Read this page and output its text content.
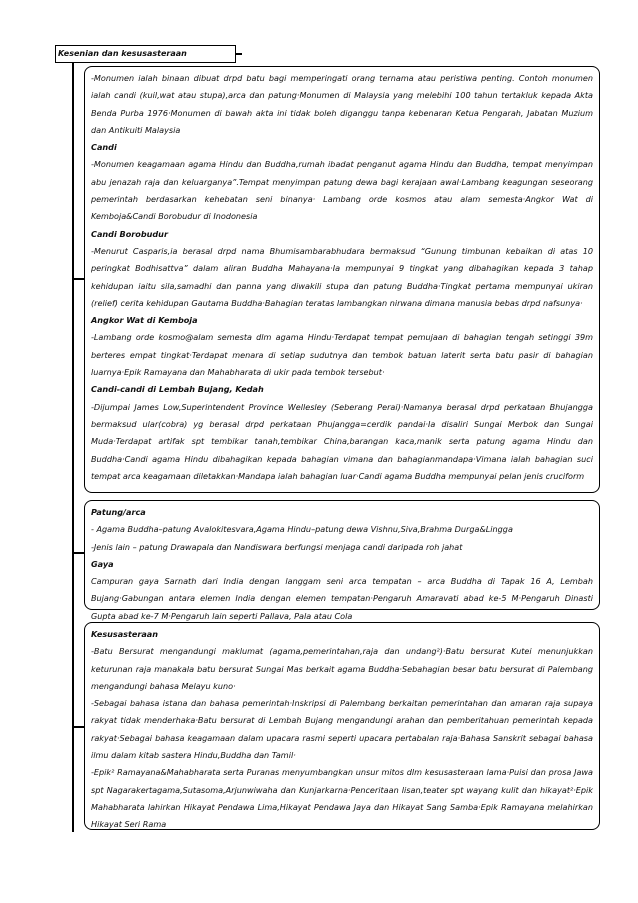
Kesenian dan kesusasteraan

-Monumen ialah binaan dibuat drpd batu bagi memperingati orang ternama atau peristiwa penting. Contoh monumen ialah candi (kuil,wat atau stupa),arca dan patung·Monumen di Malaysia yang melebihi 100 tahun tertakluk kepada Akta Benda Purba 1976·Monumen di bawah akta ini tidak boleh diganggu tanpa kebenaran Ketua Pengarah, Jabatan Muzium dan Antikuiti Malaysia

Candi

-Monumen keagamaan agama Hindu dan Buddha,rumah ibadat penganut agama Hindu dan Buddha, tempat menyimpan abu jenazah raja dan keluarganya”.Tempat menyimpan patung dewa bagi kerajaan awal·Lambang keagungan seseorang pemerintah berdasarkan kehebatan seni binanya· Lambang orde kosmos atau alam semesta·Angkor Wat di Kemboja&Candi Borobudur di Inodonesia

Candi Borobudur

-Menurut Casparis,ia berasal drpd nama Bhumisambarabhudara bermaksud “Gunung timbunan kebaikan di atas 10 peringkat Bodhisattva” dalam aliran Buddha Mahayana·Ia mempunyai 9 tingkat yang dibahagikan kepada 3 tahap kehidupan iaitu sila,samadhi dan panna yang diwakili stupa dan patung Buddha·Tingkat pertama mempunyai ukiran (relief) cerita kehidupan Gautama Buddha·Bahagian teratas lambangkan nirwana dimana manusia bebas drpd nafsunya·

Angkor Wat di Kemboja

-Lambang orde kosmo@alam semesta dlm agama Hindu·Terdapat tempat pemujaan di bahagian tengah setinggi 39m berteres empat tingkat·Terdapat menara di setiap sudutnya dan tembok batuan laterit serta batu pasir di bahagian luarnya·Epik Ramayana dan Mahabharata di ukir pada tembok tersebut·

Candi-candi di Lembah Bujang, Kedah

-Dijumpai James Low,Superintendent Province Wellesley (Seberang Perai)·Namanya berasal drpd perkataan Bhujangga bermaksud ular(cobra) yg berasal drpd perkataan Phujangga=cerdik pandai·Ia disaliri Sungai Merbok dan Sungai Muda·Terdapat artifak spt tembikar tanah,tembikar China,barangan kaca,manik serta patung agama Hindu dan Buddha·Candi agama Hindu dibahagikan kepada bahagian vimana dan bahagianmandapa·Vimana ialah bahagian suci tempat arca keagamaan diletakkan·Mandapa ialah bahagian luar·Candi agama Buddha mempunyai pelan jenis cruciform

Patung/arca

- Agama Buddha–patung Avalokitesvara,Agama Hindu–patung dewa Vishnu,Siva,Brahma Durga&Lingga

-Jenis lain – patung Drawapala dan Nandiswara berfungsi menjaga candi daripada roh jahat

Gaya

Campuran gaya Sarnath dari India dengan langgam seni arca tempatan – arca Buddha di Tapak 16 A, Lembah Bujang·Gabungan antara elemen India dengan elemen tempatan·Pengaruh Amaravati abad ke-5 M·Pengaruh Dinasti Gupta abad ke-7 M·Pengaruh lain seperti Pallava, Pala atau Cola

Kesusasteraan

-Batu Bersurat mengandungi maklumat (agama,pemerintahan,raja dan undang²)·Batu bersurat Kutei menunjukkan keturunan raja manakala batu bersurat Sungai Mas berkait agama Buddha·Sebahagian besar batu bersurat di Palembang mengandungi bahasa Melayu kuno·

-Sebagai bahasa istana dan bahasa pemerintah·Inskripsi di Palembang berkaitan pemerintahan dan amaran raja supaya rakyat tidak menderhaka·Batu bersurat di Lembah Bujang mengandungi arahan dan pemberitahuan pemerintah kepada rakyat·Sebagai bahasa keagamaan dalam upacara rasmi seperti upacara pertabalan raja·Bahasa Sanskrit sebagai bahasa ilmu dalam kitab sastera Hindu,Buddha dan Tamil·

-Epik² Ramayana&Mahabharata serta Puranas menyumbangkan unsur mitos dlm kesusasteraan lama·Puisi dan prosa Jawa spt Nagarakertagama,Sutasoma,Arjunwiwaha dan Kunjarkarna·Penceritaan lisan,teater spt wayang kulit dan hikayat²·Epik Mahabharata lahirkan Hikayat Pendawa Lima,Hikayat Pendawa Jaya dan Hikayat Sang Samba·Epik Ramayana melahirkan Hikayat Seri Rama
